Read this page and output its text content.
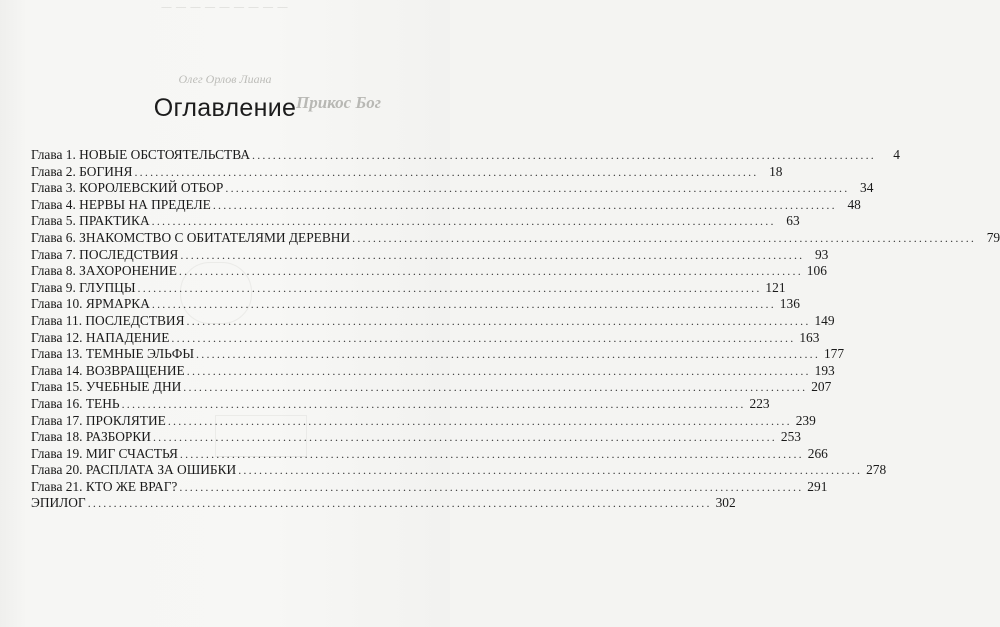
— — — — — — — — —
Олег Орлов Лиана
Прикос Бог
Оглавление
Глава 1. НОВЫЕ ОБСТОЯТЕЛЬСТВА ........................................................................................................................	4
Глава 2. БОГИНЯ ........................................................................................................................ 18
Глава 3. КОРОЛЕВСКИЙ ОТБОР ........................................................................................................................ 34
Глава 4. НЕРВЫ НА ПРЕДЕЛЕ ........................................................................................................................ 48
Глава 5. ПРАКТИКА ........................................................................................................................ 63
Глава 6. ЗНАКОМСТВО С ОБИТАТЕЛЯМИ ДЕРЕВНИ ........................................................................................................................ 79
Глава 7. ПОСЛЕДСТВИЯ ........................................................................................................................ 93
Глава 8. ЗАХОРОНЕНИЕ ........................................................................................................................ 106
Глава 9. ГЛУПЦЫ ........................................................................................................................ 121
Глава 10. ЯРМАРКА ........................................................................................................................ 136
Глава 11. ПОСЛЕДСТВИЯ ........................................................................................................................ 149
Глава 12. НАПАДЕНИЕ ........................................................................................................................ 163
Глава 13. ТЕМНЫЕ ЭЛЬФЫ ........................................................................................................................ 177
Глава 14. ВОЗВРАЩЕНИЕ ........................................................................................................................ 193
Глава 15. УЧЕБНЫЕ ДНИ ........................................................................................................................ 207
Глава 16. ТЕНЬ ........................................................................................................................ 223
Глава 17. ПРОКЛЯТИЕ ........................................................................................................................ 239
Глава 18. РАЗБОРКИ ........................................................................................................................ 253
Глава 19. МИГ СЧАСТЬЯ ........................................................................................................................ 266
Глава 20. РАСПЛАТА ЗА ОШИБКИ ........................................................................................................................ 278
Глава 21. КТО ЖЕ ВРАГ? ........................................................................................................................ 291
ЭПИЛОГ ........................................................................................................................ 302
